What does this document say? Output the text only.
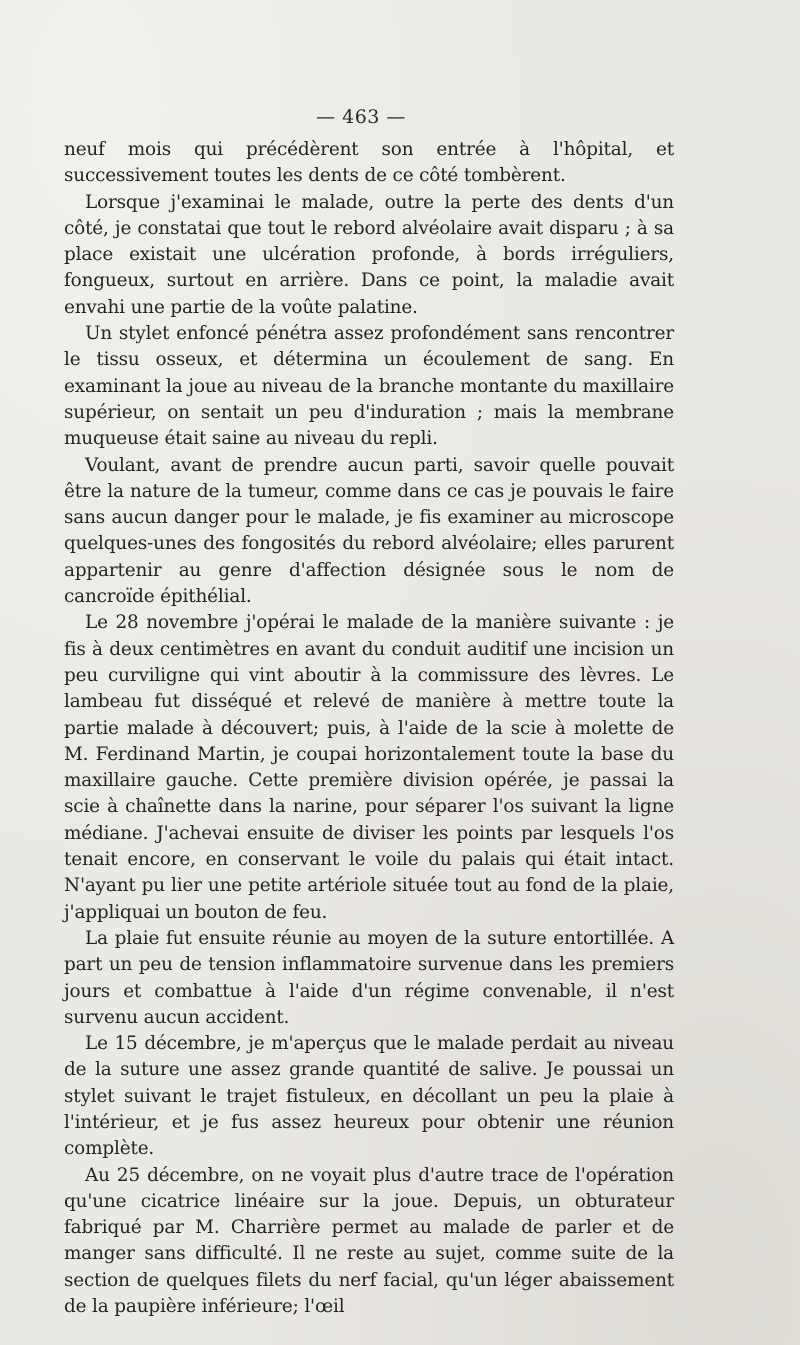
— 463 —

neuf mois qui précédèrent son entrée à l'hôpital, et successivement toutes les dents de ce côté tombèrent.

Lorsque j'examinai le malade, outre la perte des dents d'un côté, je constatai que tout le rebord alvéolaire avait disparu ; à sa place existait une ulcération profonde, à bords irréguliers, fongueux, surtout en arrière. Dans ce point, la maladie avait envahi une partie de la voûte palatine.

Un stylet enfoncé pénétra assez profondément sans rencontrer le tissu osseux, et détermina un écoulement de sang. En examinant la joue au niveau de la branche montante du maxillaire supérieur, on sentait un peu d'induration ; mais la membrane muqueuse était saine au niveau du repli.

Voulant, avant de prendre aucun parti, savoir quelle pouvait être la nature de la tumeur, comme dans ce cas je pouvais le faire sans aucun danger pour le malade, je fis examiner au microscope quelques-unes des fongosités du rebord alvéolaire; elles parurent appartenir au genre d'affection désignée sous le nom de cancroïde épithélial.

Le 28 novembre j'opérai le malade de la manière suivante : je fis à deux centimètres en avant du conduit auditif une incision un peu curviligne qui vint aboutir à la commissure des lèvres. Le lambeau fut disséqué et relevé de manière à mettre toute la partie malade à découvert; puis, à l'aide de la scie à molette de M. Ferdinand Martin, je coupai horizontalement toute la base du maxillaire gauche. Cette première division opérée, je passai la scie à chaînette dans la narine, pour séparer l'os suivant la ligne médiane. J'achevai ensuite de diviser les points par lesquels l'os tenait encore, en conservant le voile du palais qui était intact. N'ayant pu lier une petite artériole située tout au fond de la plaie, j'appliquai un bouton de feu.

La plaie fut ensuite réunie au moyen de la suture entortillée. A part un peu de tension inflammatoire survenue dans les premiers jours et combattue à l'aide d'un régime convenable, il n'est survenu aucun accident.

Le 15 décembre, je m'aperçus que le malade perdait au niveau de la suture une assez grande quantité de salive. Je poussai un stylet suivant le trajet fistuleux, en décollant un peu la plaie à l'intérieur, et je fus assez heureux pour obtenir une réunion complète.

Au 25 décembre, on ne voyait plus d'autre trace de l'opération qu'une cicatrice linéaire sur la joue. Depuis, un obturateur fabriqué par M. Charrière permet au malade de parler et de manger sans difficulté. Il ne reste au sujet, comme suite de la section de quelques filets du nerf facial, qu'un léger abaissement de la paupière inférieure; l'œil
